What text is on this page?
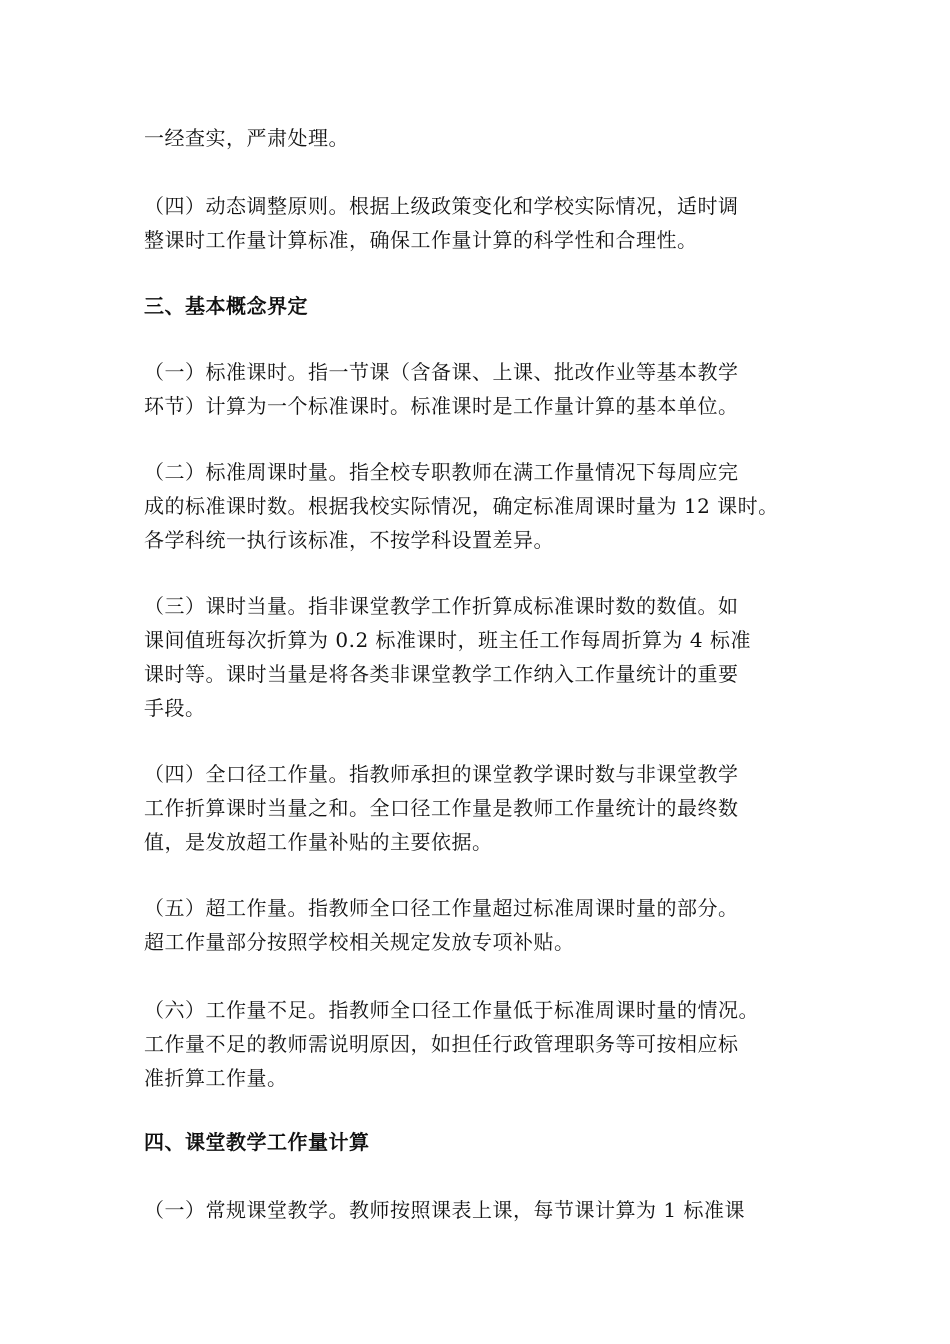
一经查实，严肃处理。
（四）动态调整原则。根据上级政策变化和学校实际情况，适时调
整课时工作量计算标准，确保工作量计算的科学性和合理性。
三、基本概念界定
（一）标准课时。指一节课（含备课、上课、批改作业等基本教学
环节）计算为一个标准课时。标准课时是工作量计算的基本单位。
（二）标准周课时量。指全校专职教师在满工作量情况下每周应完
成的标准课时数。根据我校实际情况，确定标准周课时量为 12 课时。
各学科统一执行该标准，不按学科设置差异。
（三）课时当量。指非课堂教学工作折算成标准课时数的数值。如
课间值班每次折算为 0.2 标准课时，班主任工作每周折算为 4 标准
课时等。课时当量是将各类非课堂教学工作纳入工作量统计的重要
手段。
（四）全口径工作量。指教师承担的课堂教学课时数与非课堂教学
工作折算课时当量之和。全口径工作量是教师工作量统计的最终数
值，是发放超工作量补贴的主要依据。
（五）超工作量。指教师全口径工作量超过标准周课时量的部分。
超工作量部分按照学校相关规定发放专项补贴。
（六）工作量不足。指教师全口径工作量低于标准周课时量的情况。
工作量不足的教师需说明原因，如担任行政管理职务等可按相应标
准折算工作量。
四、课堂教学工作量计算
（一）常规课堂教学。教师按照课表上课，每节课计算为 1 标准课
